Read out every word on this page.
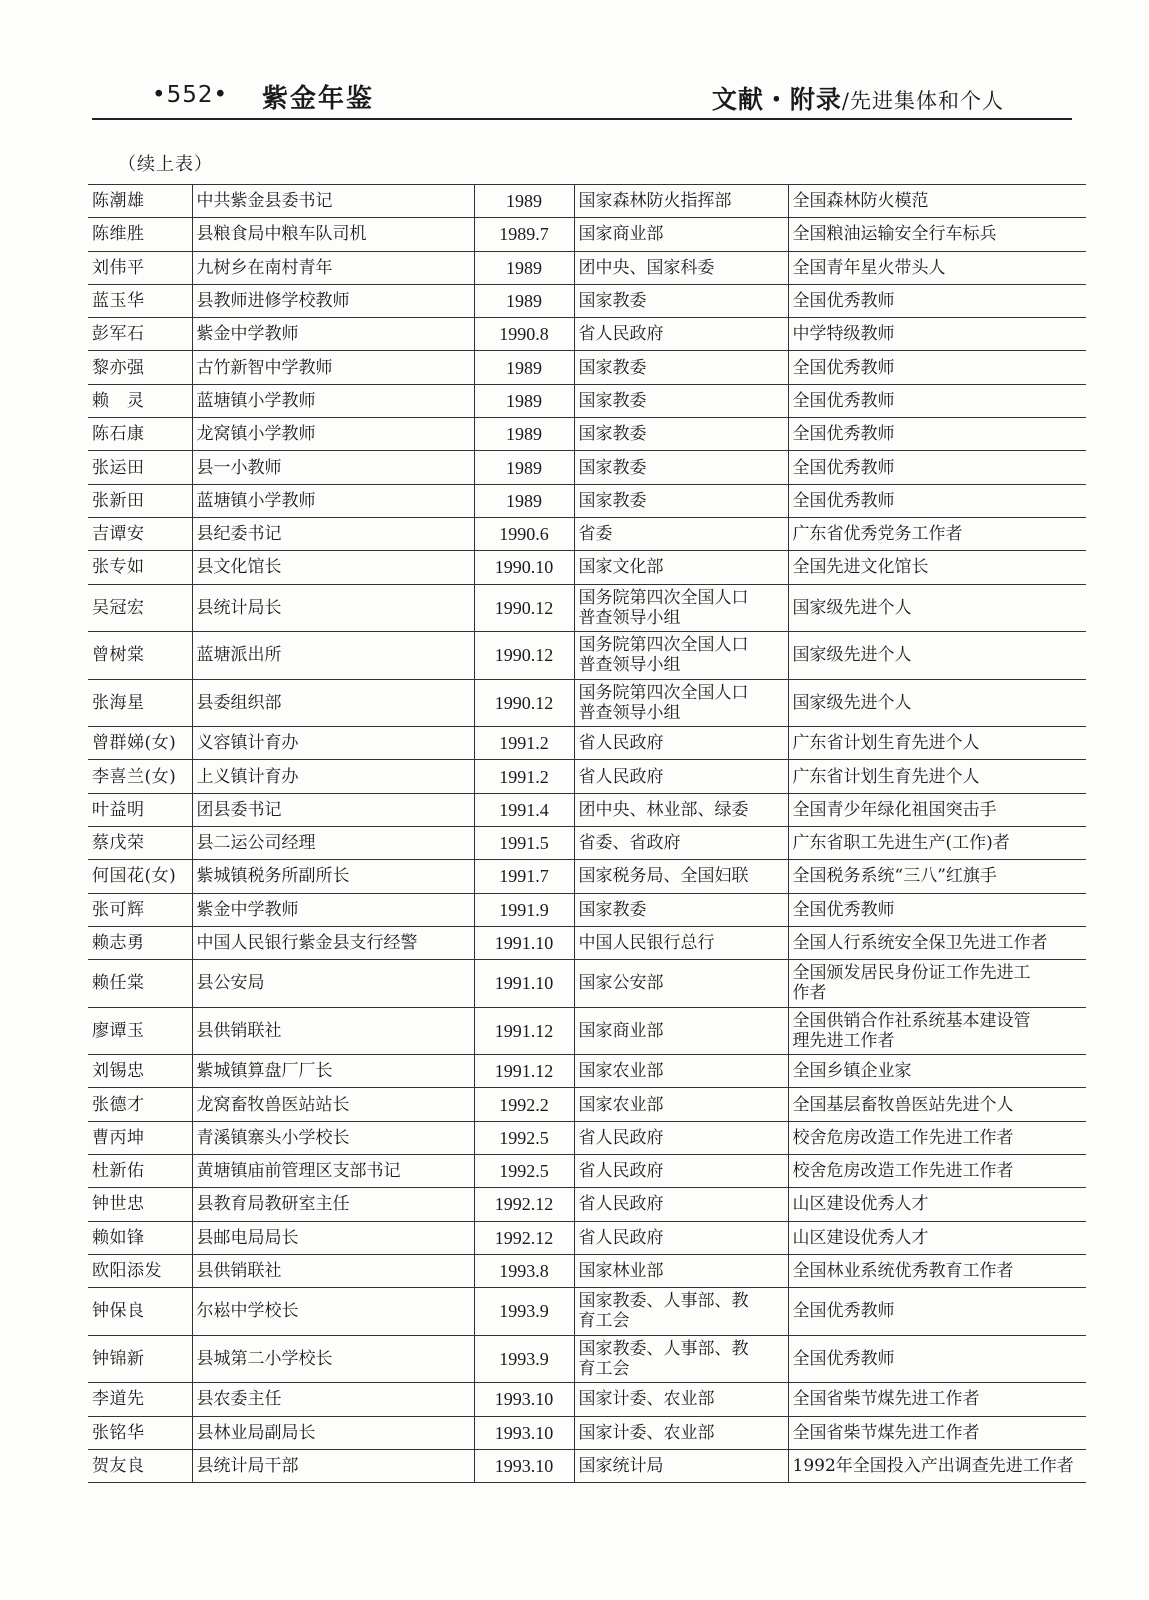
•552• 紫金年鉴	文献・附录/先进集体和个人
（续上表）
陈潮雄	中共紫金县委书记	1989	国家森林防火指挥部	全国森林防火模范

陈维胜	县粮食局中粮车队司机	1989.7	国家商业部	全国粮油运输安全行车标兵

刘伟平	九树乡在南村青年	1989	团中央、国家科委	全国青年星火带头人

蓝玉华	县教师进修学校教师	1989	国家教委	全国优秀教师

彭军石	紫金中学教师	1990.8	省人民政府	中学特级教师

黎亦强	古竹新智中学教师	1989	国家教委	全国优秀教师

赖　灵	蓝塘镇小学教师	1989	国家教委	全国优秀教师

陈石康	龙窝镇小学教师	1989	国家教委	全国优秀教师

张运田	县一小教师	1989	国家教委	全国优秀教师

张新田	蓝塘镇小学教师	1989	国家教委	全国优秀教师

吉谭安	县纪委书记	1990.6	省委	广东省优秀党务工作者

张专如	县文化馆长	1990.10	国家文化部	全国先进文化馆长

吴冠宏	县统计局长	1990.12	国务院第四次全国人口
普查领导小组	国家级先进个人

曾树棠	蓝塘派出所	1990.12	国务院第四次全国人口
普查领导小组	国家级先进个人

张海星	县委组织部	1990.12	国务院第四次全国人口
普查领导小组	国家级先进个人

曾群娣(女)	义容镇计育办	1991.2	省人民政府	广东省计划生育先进个人

李喜兰(女)	上义镇计育办	1991.2	省人民政府	广东省计划生育先进个人

叶益明	团县委书记	1991.4	团中央、林业部、绿委	全国青少年绿化祖国突击手

蔡戊荣	县二运公司经理	1991.5	省委、省政府	广东省职工先进生产(工作)者

何国花(女)	紫城镇税务所副所长	1991.7	国家税务局、全国妇联	全国税务系统“三八”红旗手

张可辉	紫金中学教师	1991.9	国家教委	全国优秀教师

赖志勇	中国人民银行紫金县支行经警	1991.10	中国人民银行总行	全国人行系统安全保卫先进工作者

赖任棠	县公安局	1991.10	国家公安部	全国颁发居民身份证工作先进工
作者

廖谭玉	县供销联社	1991.12	国家商业部	全国供销合作社系统基本建设管
理先进工作者

刘锡忠	紫城镇算盘厂厂长	1991.12	国家农业部	全国乡镇企业家

张德才	龙窝畜牧兽医站站长	1992.2	国家农业部	全国基层畜牧兽医站先进个人

曹丙坤	青溪镇寨头小学校长	1992.5	省人民政府	校舍危房改造工作先进工作者

杜新佑	黄塘镇庙前管理区支部书记	1992.5	省人民政府	校舍危房改造工作先进工作者

钟世忠	县教育局教研室主任	1992.12	省人民政府	山区建设优秀人才

赖如锋	县邮电局局长	1992.12	省人民政府	山区建设优秀人才

欧阳添发	县供销联社	1993.8	国家林业部	全国林业系统优秀教育工作者

钟保良	尔崧中学校长	1993.9	国家教委、人事部、教
育工会	全国优秀教师

钟锦新	县城第二小学校长	1993.9	国家教委、人事部、教
育工会	全国优秀教师

李道先	县农委主任	1993.10	国家计委、农业部	全国省柴节煤先进工作者

张铭华	县林业局副局长	1993.10	国家计委、农业部	全国省柴节煤先进工作者

贺友良	县统计局干部	1993.10	国家统计局	1992年全国投入产出调查先进工作者
